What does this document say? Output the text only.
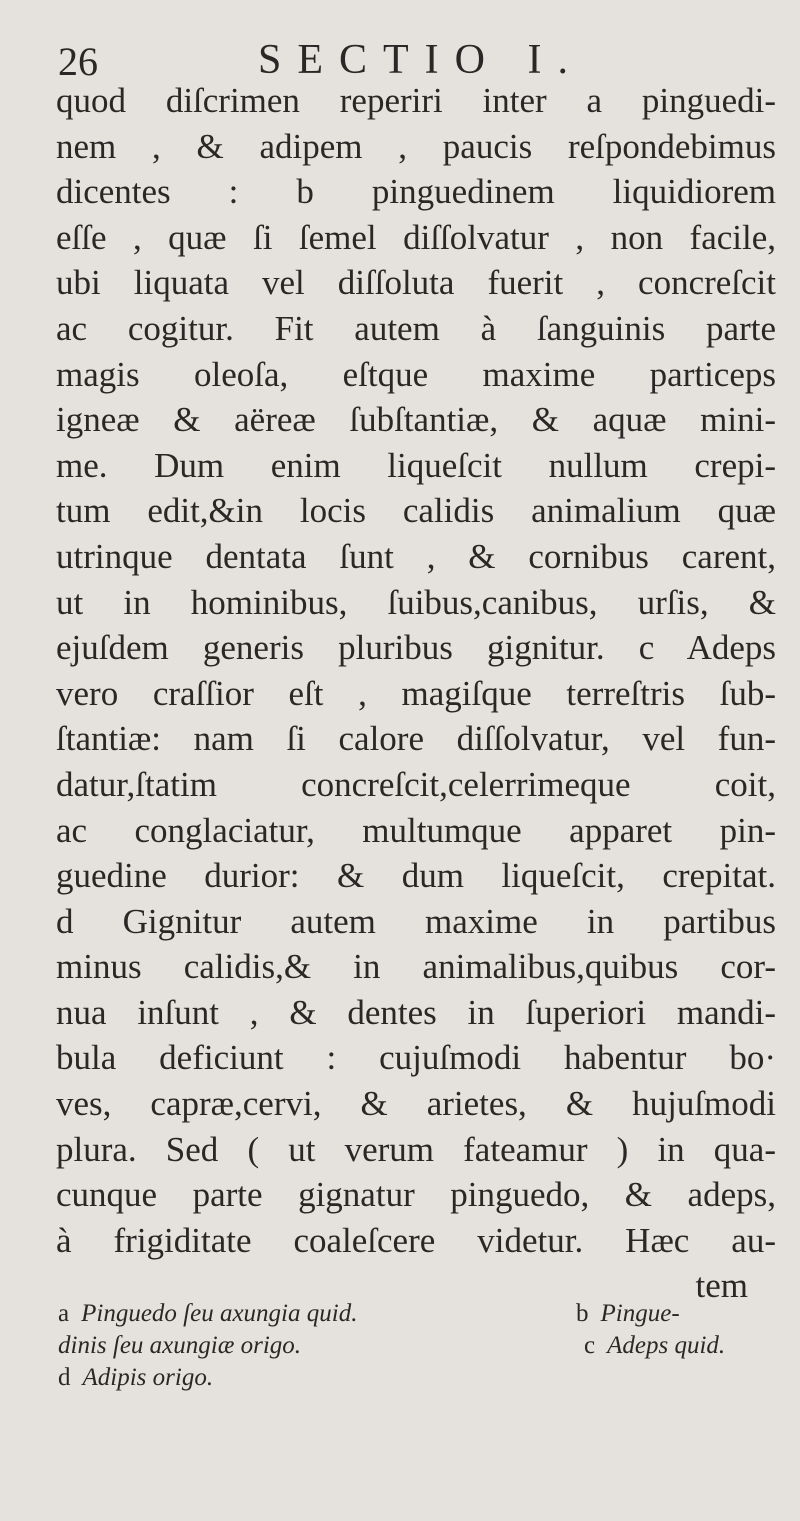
26	SECTIO I.
quod diſcrimen reperiri inter a pinguedi-
nem , & adipem , paucis reſpondebimus
dicentes : b pinguedinem liquidiorem
eſſe , quæ ſi ſemel diſſolvatur , non facile,
ubi liquata vel diſſoluta fuerit , concreſcit
ac cogitur. Fit autem à ſanguinis parte
magis oleoſa, eſtque maxime particeps
igneæ & aëreæ ſubſtantiæ, & aquæ mini-
me. Dum enim liqueſcit nullum crepi-
tum edit,&in locis calidis animalium quæ
utrinque dentata ſunt , & cornibus carent,
ut in hominibus, ſuibus,canibus, urſis, &
ejuſdem generis pluribus gignitur. c Adeps
vero craſſior eſt , magiſque terreſtris ſub-
ſtantiæ: nam ſi calore diſſolvatur, vel fun-
datur,ſtatim concreſcit,celerrimeque coit,
ac conglaciatur, multumque apparet pin-
guedine durior: & dum liqueſcit, crepitat.
d Gignitur autem maxime in partibus
minus calidis,& in animalibus,quibus cor-
nua inſunt , & dentes in ſuperiori mandi-
bula deficiunt : cujuſmodi habentur bo·
ves, capræ,cervi, & arietes, & hujuſmodi
plura. Sed ( ut verum fateamur ) in qua-
cunque parte gignatur pinguedo, & adeps,
à frigiditate coaleſcere videtur. Hæc au-
tem
a Pinguedo ſeu axungia quid.	b Pingue-
dinis ſeu axungiæ origo.	c Adeps quid.
d Adipis origo.
